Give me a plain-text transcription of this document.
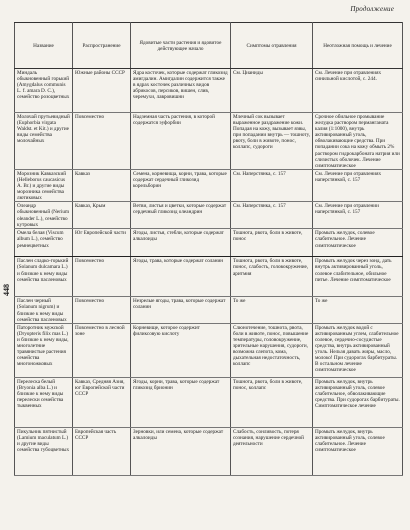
Продолжение
448
Название	Распространение	Ядовитые части растения и ядовитое действующее начало	Симптомы отравления	Неотложная помощь и лечение
Миндаль обыкновенный горький (Amygdalus communis L. f. amara D. C.), семейство розоцветных	Южные районы СССР	Ядра косточек, которые содержат гликозид амигдалин. Амигдалин содержится также в ядрах косточек различных видов абрикосов, персиков, вишен, слив, черемухи, лавровишни	См. Цианиды	См. Лечение при отравлениях синильной кислотой, с. 244.
Молочай прутьевидный (Euphorbia virgata Waldst. et Kit.) и другие виды семейства молочайных	Повсеместно	Надземная часть растения, в которой содержатся эуфорбии	Млечный сок вызывает выраженное раздражение кожи. Попадая на кожу, вызывает язвы, при попадании внутрь — тошноту, рвоту, боли в животе, понос, коллапс, судороги	Срочное обильное промывание желудка раствором перманганата калия (1:1000), внутрь активированный уголь, обволакивающие средства. При попадании сока на кожу обмыть 2% раствором гидрокарбоната натрия или слизистых оболочек. Лечение симптоматическое
Морозник Кавказский (Helleborus caucasicus A. Br.) и другие виды морозника семейства лютиковых	Кавказ	Семена, корневища, корни, трава, которые содержат сердечный гликозид корельборин	См. Наперстянка, с. 157	См. Лечение при отравлениях наперстянкой, с. 157
Олеандр обыкновенный (Nerium oleander L.), семейство кутровых	Кавказ, Крым	Ветви, листья и цветки, которые содержат сердечный гликозид олеандрин	См. Наперстянка, с. 157	См. Лечение при отравлении наперстянкой, с. 157
Омела белая (Viscum album L.), семейство ремнецветных	Юг Европейской части	Ягоды, листья, стебли, которые содержат алкалоиды	Тошнота, рвота, боли в животе, понос	Промыть желудок, солевое слабительное. Лечение симптоматическое
Паслен сладко-горький (Solanum dulcamara L.) и близкие к нему виды семейства пасленовых	Повсеместно	Ягоды, трава, которые содержат соланин	Тошнота, рвота, боли в животе, понос, слабость, головокружение, аритмия	Промыть желудок через зонд, дать внутрь активированный уголь, солевое слабительное, обильное питье. Лечение симптоматическое
Паслен черный (Solanum nigrum) и близкие к нему виды семейства пасленовых	Повсеместно	Незрелые ягоды, трава, которые содержат соланин	То же	То же
Паторотник мужской (Dryopteris filix mas L.) и близкие к нему виды, многолетние травянистые растения семейства многоножковых	Повсеместно в лесной зоне	Корневище, которое содержит филиксовую кислоту	Слюнотечение, тошнота, рвота, боли в животе, понос, повышение температуры, головокружение, зрительные нарушения, судороги, возможна слепота, кома, дыхательная недостаточность, коллапс	Промыть желудок водой с активированным углем, слабительное солевое, сердечно-сосудистые средства, внутрь активированный уголь. Нельзя давать жиры, масло, молоко! При судорогах барбитураты. В остальном лечение симптоматическое
Перелеска белый (Bryonia alba L.) и близкие к нему виды перелески семейства тыквенных	Кавказ, Средняя Азия, юг Европейской части СССР	Ягоды, корни, трава, которые содержат гликозид брионин	Тошнота, рвота, боли в животе, понос, коллапс	Промыть желудок, внутрь активированный уголь, солевое слабительное, обволакивающие средства. При судорогах барбитураты. Симптоматическое лечение
Пикульник пятнистый (Lamium maculatum L.) и другие виды семейства губоцветных	Европейская часть СССР	Зерновки, или семена, которые содержат алкалоиды	Слабость, сонливость, потеря сознания, нарушение сердечной деятельности	Промыть желудок, внутрь активированный уголь, солевое слабительное. Лечение симптоматическое
